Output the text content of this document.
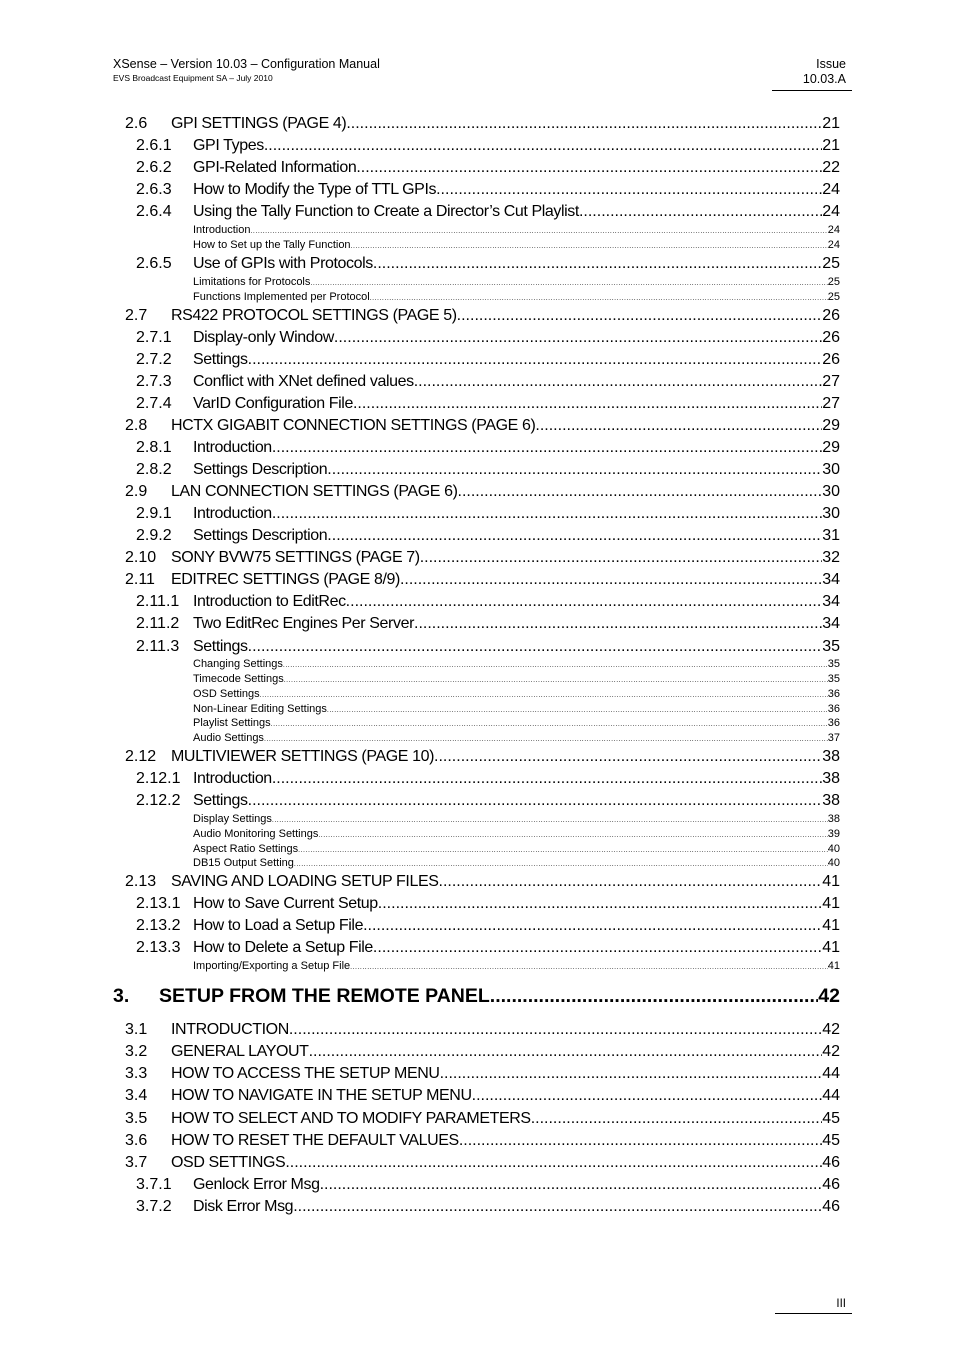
XSense – Version 10.03 – Configuration Manual
EVS Broadcast Equipment SA – July 2010
Issue
10.03.A
2.6	GPI SETTINGS (PAGE 4) .....	21
2.6.1	GPI Types .....	21
2.6.2	GPI-Related Information .....	22
2.6.3	How to Modify the Type of TTL GPIs .....	24
2.6.4	Using the Tally Function to Create a Director’s Cut Playlist .....	24
Introduction .....	24
How to Set up the Tally Function .....	24
2.6.5	Use of GPIs with Protocols .....	25
Limitations for Protocols .....	25
Functions Implemented per Protocol .....	25
2.7	RS422 PROTOCOL SETTINGS (PAGE 5) .....	26
2.7.1	Display-only Window .....	26
2.7.2	Settings .....	26
2.7.3	Conflict with XNet defined values .....	27
2.7.4	VarID Configuration File .....	27
2.8	HCTX GIGABIT CONNECTION SETTINGS (PAGE 6) .....	29
2.8.1	Introduction .....	29
2.8.2	Settings Description .....	30
2.9	LAN CONNECTION SETTINGS (PAGE 6) .....	30
2.9.1	Introduction .....	30
2.9.2	Settings Description .....	31
2.10 SONY BVW75 SETTINGS (PAGE 7) .....	32
2.11	EDITREC SETTINGS (PAGE 8/9) .....	34
2.11.1 Introduction to EditRec .....	34
2.11.2 Two EditRec Engines Per Server .....	34
2.11.3 Settings .....	35
Changing Settings .....	35
Timecode Settings .....	35
OSD Settings .....	36
Non-Linear Editing Settings .....	36
Playlist Settings .....	36
Audio Settings .....	37
2.12 MULTIVIEWER SETTINGS (PAGE 10) .....	38
2.12.1 Introduction .....	38
2.12.2 Settings .....	38
Display Settings .....	38
Audio Monitoring Settings .....	39
Aspect Ratio Settings .....	40
DB15 Output Setting .....	40
2.13 SAVING AND LOADING SETUP FILES .....	41
2.13.1 How to Save Current Setup .....	41
2.13.2 How to Load a Setup File .....	41
2.13.3 How to Delete a Setup File .....	41
Importing/Exporting a Setup File .....	41
3.	SETUP FROM THE REMOTE PANEL .....	42
3.1	INTRODUCTION .....	42
3.2	GENERAL LAYOUT .....	42
3.3	HOW TO ACCESS THE SETUP MENU .....	44
3.4	HOW TO NAVIGATE IN THE SETUP MENU .....	44
3.5	HOW TO SELECT AND TO MODIFY PARAMETERS .....	45
3.6	HOW TO RESET THE DEFAULT VALUES .....	45
3.7	OSD SETTINGS .....	46
3.7.1	Genlock Error Msg .....	46
3.7.2	Disk Error Msg .....	46
III
